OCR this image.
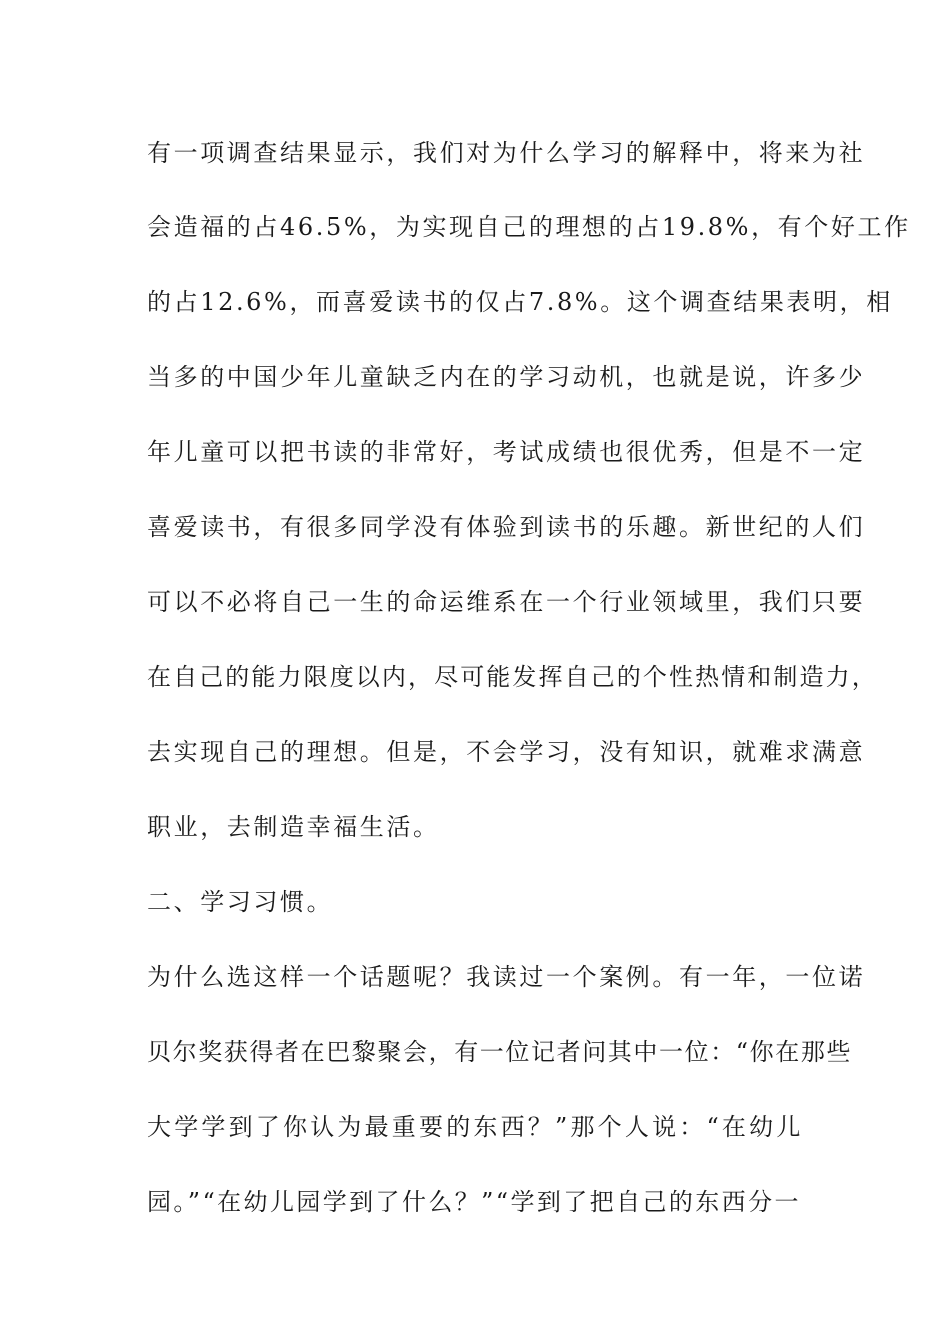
有一项调查结果显示，我们对为什么学习的解释中，将来为社
会造福的占46.5%，为实现自己的理想的占19.8%，有个好工作
的占12.6%，而喜爱读书的仅占7.8%。这个调查结果表明，相
当多的中国少年儿童缺乏内在的学习动机，也就是说，许多少
年儿童可以把书读的非常好，考试成绩也很优秀，但是不一定
喜爱读书，有很多同学没有体验到读书的乐趣。新世纪的人们
可以不必将自己一生的命运维系在一个行业领域里，我们只要
在自己的能力限度以内，尽可能发挥自己的个性热情和制造力，
去实现自己的理想。但是，不会学习，没有知识，就难求满意
职业，去制造幸福生活。
二、学习习惯。
为什么选这样一个话题呢？我读过一个案例。有一年，一位诺
贝尔奖获得者在巴黎聚会，有一位记者问其中一位：“你在那些
大学学到了你认为最重要的东西？”那个人说：“在幼儿
园。”“在幼儿园学到了什么？”“学到了把自己的东西分一
